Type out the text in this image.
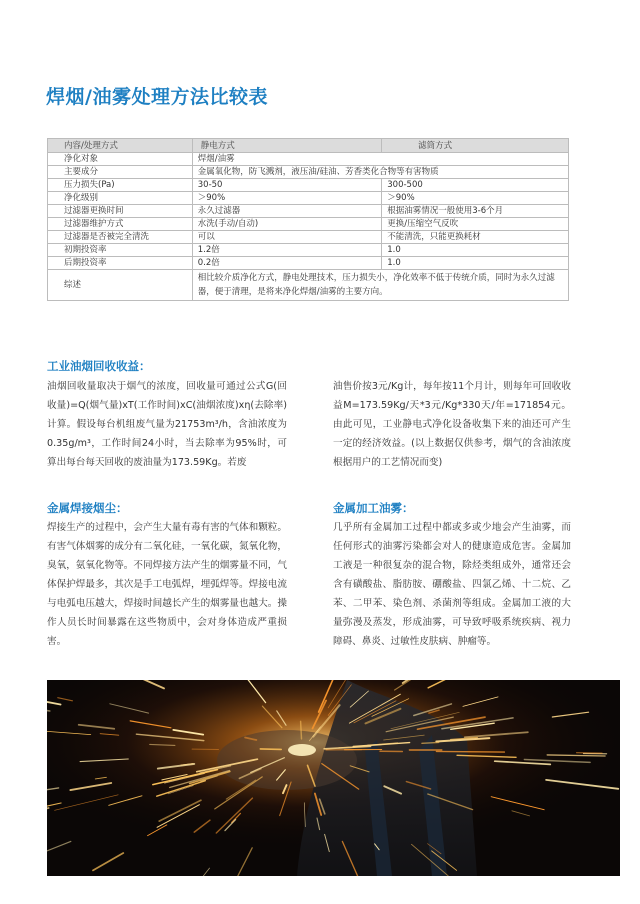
焊烟/油雾处理方法比较表
内容/处理方式	静电方式	滤筒方式
净化对象	焊烟/油雾	
主要成分	金属氧化物，防飞溅剂，液压油/硅油、芳香类化合物等有害物质	
压力损失(Pa)	30-50	300-500
净化级别	＞90%	＞90%
过滤器更换时间	永久过滤器	根据油雾情况一般使用3-6个月
过滤器维护方式	水洗(手动/自动)	更换/压缩空气反吹
过滤器是否被完全清洗	可以	不能清洗，只能更换耗材
初期投资率	1.2倍	1.0
后期投资率	0.2倍	1.0
综述	相比较介质净化方式，静电处理技术，压力损失小，净化效率不低于传统介质，同时为永久过滤器，便于清理，是将来净化焊烟/油雾的主要方向。	
工业油烟回收收益：
油烟回收量取决于烟气的浓度，回收量可通过公式G(回收量)=Q(烟气量)xT(工作时间)xC(油烟浓度)xη(去除率)计算。假设每台机组废气量为21753m³/h，含油浓度为0.35g/m³，工作时间24小时，当去除率为95%时，可算出每台每天回收的废油量为173.59Kg。若废
油售价按3元/Kg计，每年按11个月计，则每年可回收收益M=173.59Kg/天*3元/Kg*330天/年=171854元。由此可见，工业静电式净化设备收集下来的油还可产生一定的经济效益。(以上数据仅供参考，烟气的含油浓度根据用户的工艺情况而变)
金属焊接烟尘：
焊接生产的过程中，会产生大量有毒有害的气体和颗粒。有害气体烟雾的成分有二氧化硅，一氧化碳，氮氧化物，臭氧，氨氧化物等。不同焊接方法产生的烟雾量不同，气体保护焊最多，其次是手工电弧焊，埋弧焊等。焊接电流与电弧电压越大，焊接时间越长产生的烟雾量也越大。操作人员长时间暴露在这些物质中，会对身体造成严重损害。
金属加工油雾：
几乎所有金属加工过程中都或多或少地会产生油雾，而任何形式的油雾污染都会对人的健康造成危害。金属加工液是一种很复杂的混合物，除烃类组成外，通常还会含有磺酸盐、脂肪胺、硼酸盐、四氯乙烯、十二烷、乙苯、二甲苯、染色剂、杀菌剂等组成。金属加工液的大量弥漫及蒸发，形成油雾，可导致呼吸系统疾病、视力障碍、鼻炎、过敏性皮肤病、肿瘤等。
